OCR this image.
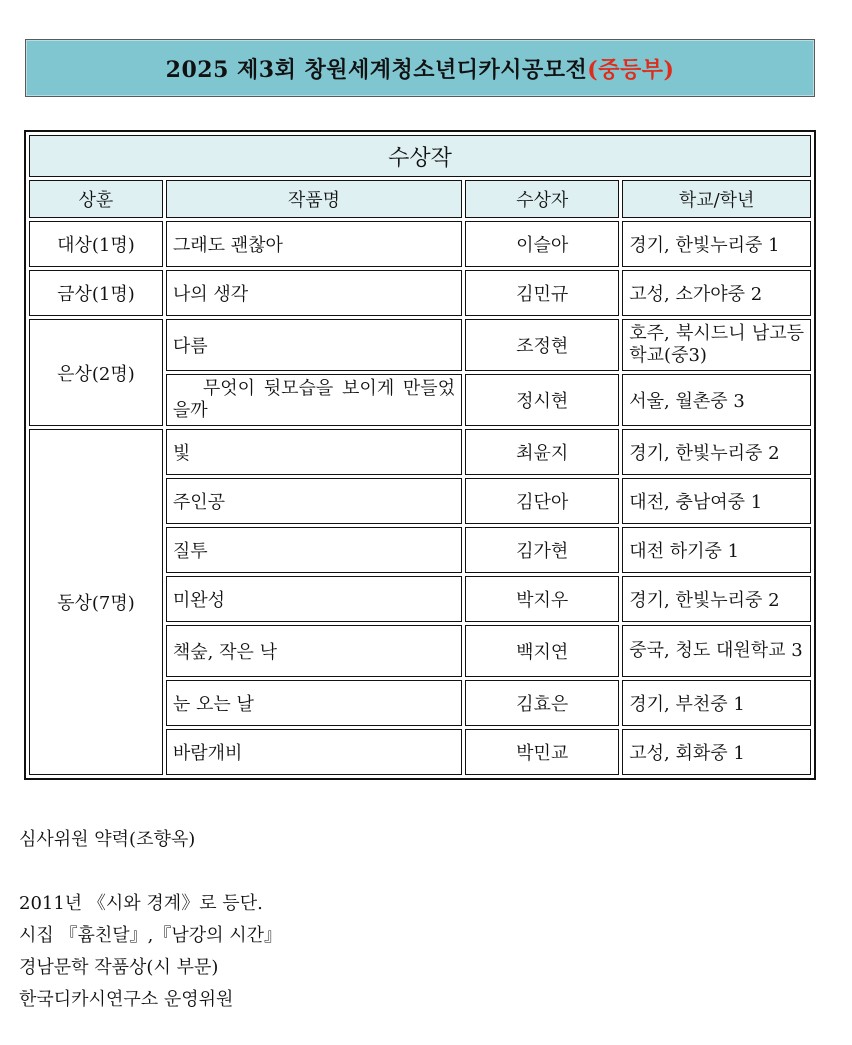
2025 제3회 창원세계청소년디카시공모전 (중등부)
수상작			
상훈	작품명	수상자	학교/학년
대상(1명)	그래도 괜찮아	이슬아	경기, 한빛누리중 1
금상(1명)	나의 생각	김민규	고성, 소가야중 2
은상(2명)	다름	조정현	호주, 북시드니 남고등학교(중3)
	무엇이 뒷모습을 보이게 만들었을까	정시현	서울, 월촌중 3
동상(7명)	빛	최윤지	경기, 한빛누리중 2
	주인공	김단아	대전, 충남여중 1
	질투	김가현	대전 하기중 1
	미완성	박지우	경기, 한빛누리중 2
	책숲, 작은 낙	백지연	중국, 청도 대원학교 3
	눈 오는 날	김효은	경기, 부천중 1
	바람개비	박민교	고성, 회화중 1
심사위원 약력(조향옥)
2011년 《시와 경계》로 등단.
시집 『흄친달』,『남강의 시간』
경남문학 작품상(시 부문)
한국디카시연구소 운영위원
